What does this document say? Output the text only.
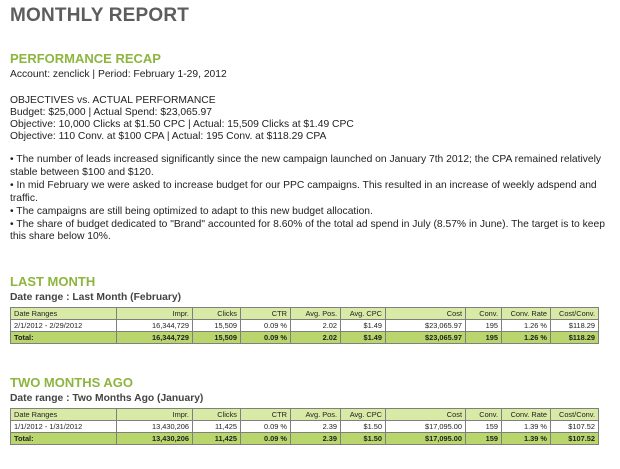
MONTHLY REPORT
PERFORMANCE RECAP
Account: zenclick | Period: February 1-29, 2012
OBJECTIVES vs. ACTUAL PERFORMANCE
Budget: $25,000 | Actual Spend: $23,065.97
Objective: 10,000 Clicks at $1.50 CPC | Actual: 15,509 Clicks at $1.49 CPC
Objective: 110 Conv. at $100 CPA | Actual: 195 Conv. at $118.29 CPA
• The number of leads increased significantly since the new campaign launched on January 7th 2012; the CPA remained relatively stable between $100 and $120.
• In mid February we were asked to increase budget for our PPC campaigns. This resulted in an increase of weekly adspend and traffic.
• The campaigns are still being optimized to adapt to this new budget allocation.
• The share of budget dedicated to "Brand" accounted for 8.60% of the total ad spend in July (8.57% in June). The target is to keep this share below 10%.
LAST MONTH
Date range : Last Month (February)
Date Ranges	Impr.	Clicks	CTR	Avg. Pos.	Avg. CPC	Cost	Conv.	Conv. Rate	Cost/Conv.
2/1/2012 - 2/29/2012	16,344,729	15,509	0.09 %	2.02	$1.49	$23,065.97	195	1.26 %	$118.29
Total:	16,344,729	15,509	0.09 %	2.02	$1.49	$23,065.97	195	1.26 %	$118.29
TWO MONTHS AGO
Date range : Two Months Ago (January)
Date Ranges	Impr.	Clicks	CTR	Avg. Pos.	Avg. CPC	Cost	Conv.	Conv. Rate	Cost/Conv.
1/1/2012 - 1/31/2012	13,430,206	11,425	0.09 %	2.39	$1.50	$17,095.00	159	1.39 %	$107.52
Total:	13,430,206	11,425	0.09 %	2.39	$1.50	$17,095.00	159	1.39 %	$107.52
